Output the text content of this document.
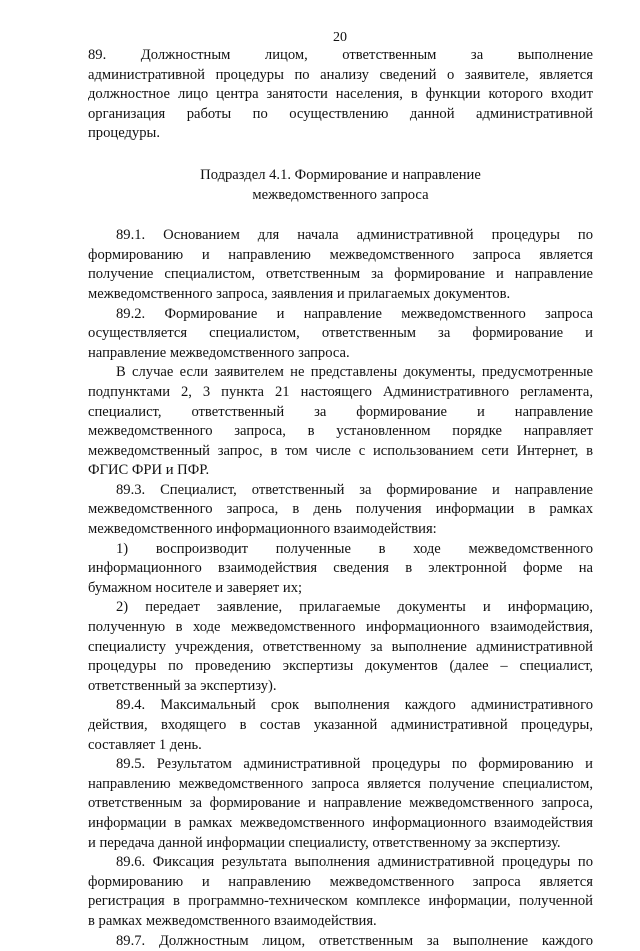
20
89. Должностным лицом, ответственным за выполнение
административной процедуры по анализу сведений о заявителе, является
должностное лицо центра занятости населения, в функции которого входит
организация работы по осуществлению данной административной
процедуры.
Подраздел 4.1. Формирование и направление
межведомственного запроса
89.1. Основанием для начала административной процедуры по
формированию и направлению межведомственного запроса является
получение специалистом, ответственным за формирование и направление
межведомственного запроса, заявления и прилагаемых документов.
89.2. Формирование и направление межведомственного запроса
осуществляется специалистом, ответственным за формирование и
направление межведомственного запроса.
В случае если заявителем не представлены документы, предусмотренные
подпунктами 2, 3 пункта 21 настоящего Административного регламента,
специалист, ответственный за формирование и направление
межведомственного запроса, в установленном порядке направляет
межведомственный запрос, в том числе с использованием сети Интернет, в
ФГИС ФРИ и ПФР.
89.3. Специалист, ответственный за формирование и направление
межведомственного запроса, в день получения информации в рамках
межведомственного информационного взаимодействия:
1) воспроизводит полученные в ходе межведомственного
информационного взаимодействия сведения в электронной форме на
бумажном носителе и заверяет их;
2) передает заявление, прилагаемые документы и информацию,
полученную в ходе межведомственного информационного взаимодействия,
специалисту учреждения, ответственному за выполнение административной
процедуры по проведению экспертизы документов (далее – специалист,
ответственный за экспертизу).
89.4. Максимальный срок выполнения каждого административного
действия, входящего в состав указанной административной процедуры,
составляет 1 день.
89.5. Результатом административной процедуры по формированию и
направлению межведомственного запроса является получение специалистом,
ответственным за формирование и направление межведомственного запроса,
информации в рамках межведомственного информационного взаимодействия
и передача данной информации специалисту, ответственному за экспертизу.
89.6. Фиксация результата выполнения административной процедуры по
формированию и направлению межведомственного запроса является
регистрация в программно-техническом комплексе информации, полученной
в рамках межведомственного взаимодействия.
89.7. Должностным лицом, ответственным за выполнение каждого
